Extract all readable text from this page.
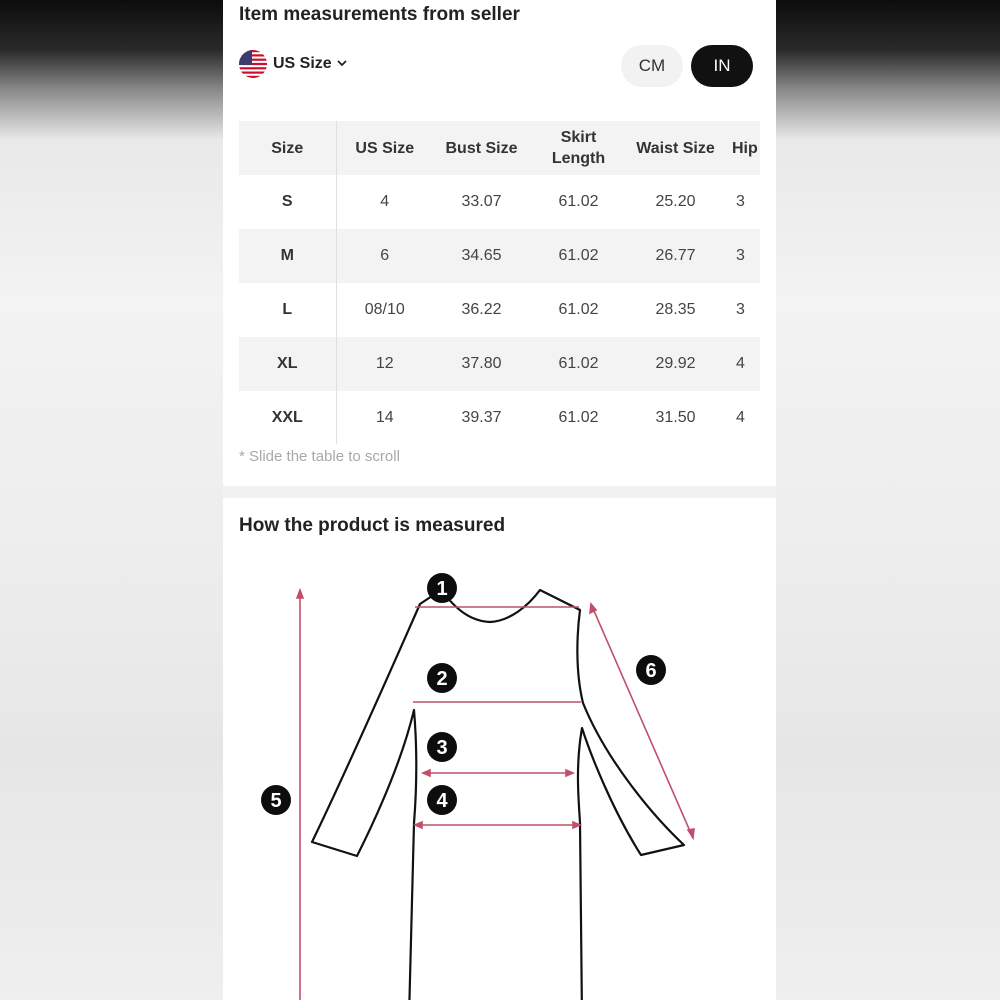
Item measurements from seller
US Size	CM	IN
Size	US Size	Bust Size	Skirt Length	Waist Size	Hip
S	4	33.07	61.02	25.20	3
M	6	34.65	61.02	26.77	3
L	08/10	36.22	61.02	28.35	3
XL	12	37.80	61.02	29.92	4
XXL	14	39.37	61.02	31.50	4
* Slide the table to scroll
How the product is measured
1
2
3
4
5
6
